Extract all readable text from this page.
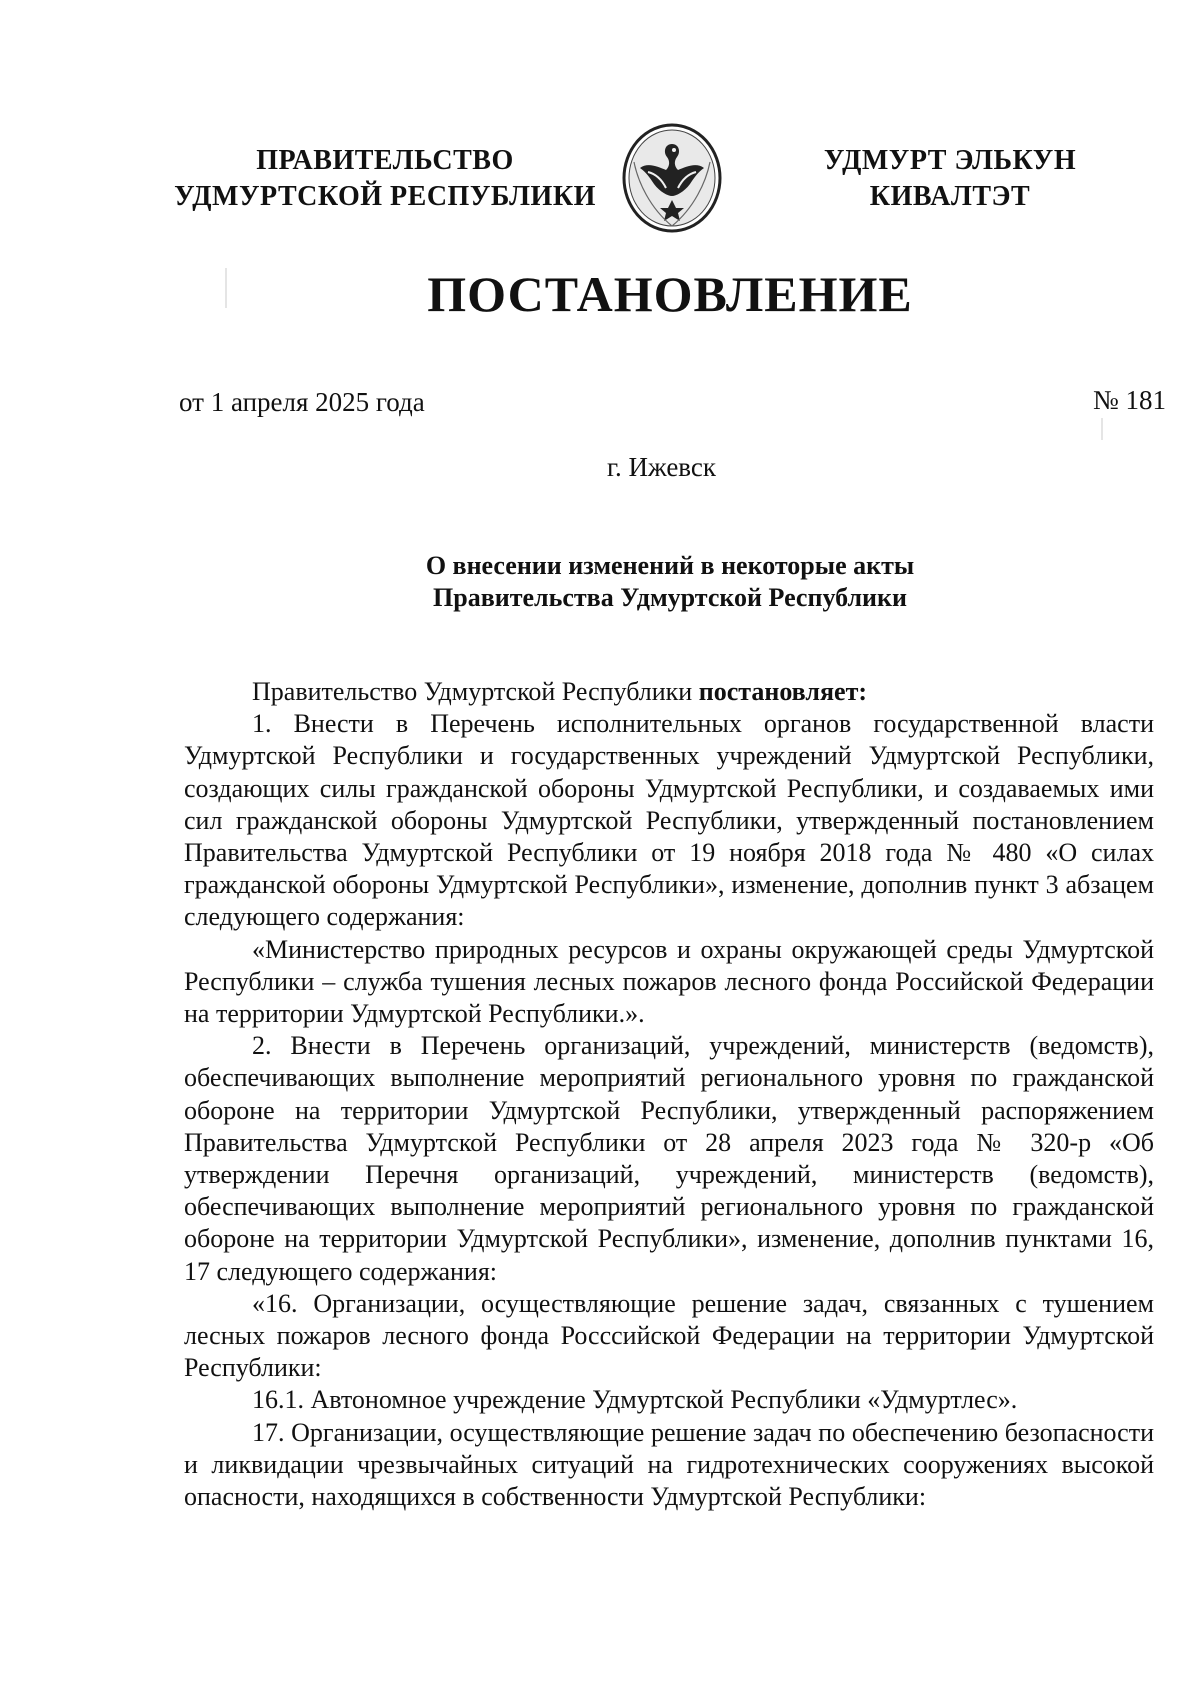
ПРАВИТЕЛЬСТВО
УДМУРТСКОЙ РЕСПУБЛИКИ
УДМУРТ ЭЛЬКУН
КИВАЛТЭТ
ПОСТАНОВЛЕНИЕ
от 1 апреля 2025 года	№ 181
г. Ижевск
О внесении изменений в некоторые акты
Правительства Удмуртской Республики

Правительство Удмуртской Республики постановляет:

1. Внести в Перечень исполнительных органов государственной власти Удмуртской Республики и государственных учреждений Удмуртской Республики, создающих силы гражданской обороны Удмуртской Республики, и создаваемых ими сил гражданской обороны Удмуртской Республики, утвержденный постановлением Правительства Удмуртской Республики от 19 ноября 2018 года № 480 «О силах гражданской обороны Удмуртской Республики», изменение, дополнив пункт 3 абзацем следующего содержания:

«Министерство природных ресурсов и охраны окружающей среды Удмуртской Республики – служба тушения лесных пожаров лесного фонда Российской Федерации на территории Удмуртской Республики.».

2. Внести в Перечень организаций, учреждений, министерств (ведомств), обеспечивающих выполнение мероприятий регионального уровня по гражданской обороне на территории Удмуртской Республики, утвержденный распоряжением Правительства Удмуртской Республики от 28 апреля 2023 года № 320-р «Об утверждении Перечня организаций, учреждений, министерств (ведомств), обеспечивающих выполнение мероприятий регионального уровня по гражданской обороне на территории Удмуртской Республики», изменение, дополнив пунктами 16, 17 следующего содержания:

«16. Организации, осуществляющие решение задач, связанных с тушением лесных пожаров лесного фонда Росссийской Федерации на территории Удмуртской Республики:

16.1. Автономное учреждение Удмуртской Республики «Удмуртлес».

17. Организации, осуществляющие решение задач по обеспечению безопасности и ликвидации чрезвычайных ситуаций на гидротехнических сооружениях высокой опасности, находящихся в собственности Удмуртской Республики:
